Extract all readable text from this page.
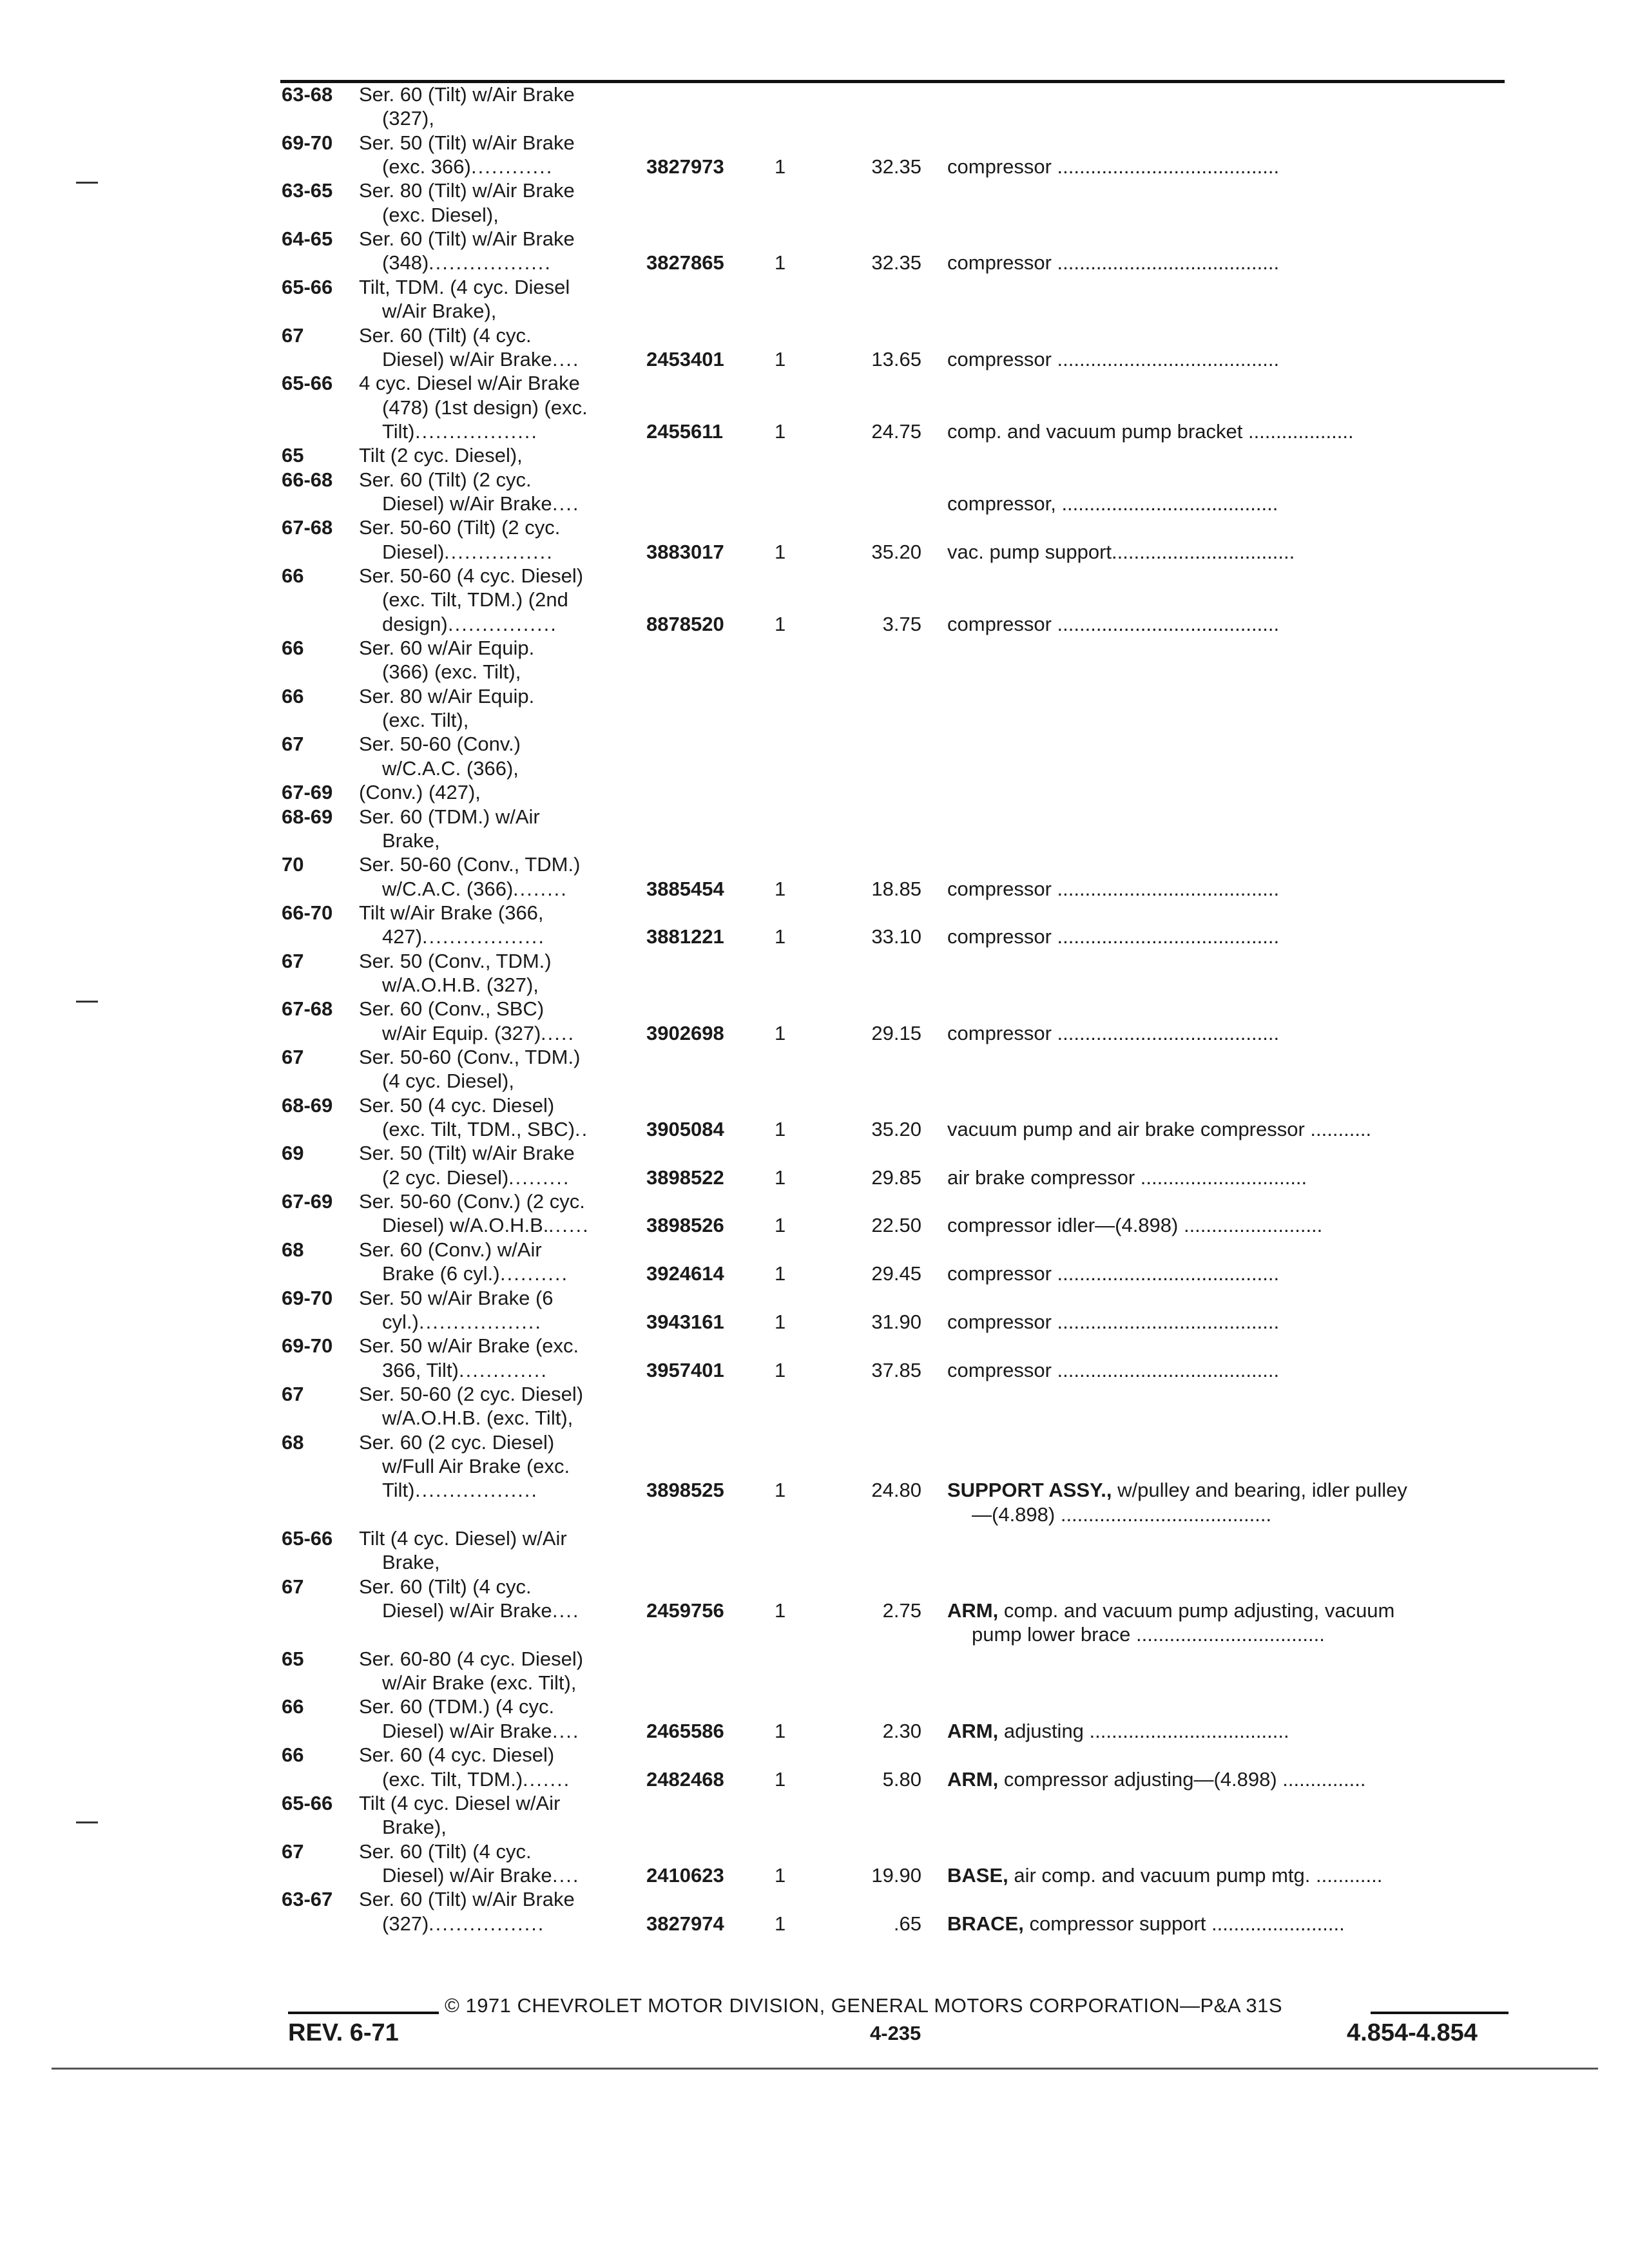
63-68 Ser. 60 (Tilt) w/Air Brake
(327),
69-70 Ser. 50 (Tilt) w/Air Brake
(exc. 366) ............	3827973	1	32.35 compressor ........................................
63-65 Ser. 80 (Tilt) w/Air Brake
(exc. Diesel),
64-65 Ser. 60 (Tilt) w/Air Brake
(348) ..................	3827865	1	32.35 compressor ........................................
65-66 Tilt, TDM. (4 cyc. Diesel
w/Air Brake),
67	Ser. 60 (Tilt) (4 cyc.
Diesel) w/Air Brake ....	2453401	1	13.65 compressor ........................................
65-66 4 cyc. Diesel w/Air Brake
(478) (1st design) (exc.
Tilt) ..................	2455611	1	24.75 comp. and vacuum pump bracket ...................
65	Tilt (2 cyc. Diesel),
66-68 Ser. 60 (Tilt) (2 cyc.
Diesel) w/Air Brake ....	compressor, .......................................
67-68 Ser. 50-60 (Tilt) (2 cyc.
Diesel) ................	3883017	1	35.20 vac. pump support.................................
66	Ser. 50-60 (4 cyc. Diesel)
(exc. Tilt, TDM.) (2nd
design) ................	8878520	1	3.75 compressor ........................................
66	Ser. 60 w/Air Equip.
(366) (exc. Tilt),
66	Ser. 80 w/Air Equip.
(exc. Tilt),
67	Ser. 50-60 (Conv.)
w/C.A.C. (366),
67-69 (Conv.) (427),
68-69 Ser. 60 (TDM.) w/Air
Brake,
70	Ser. 50-60 (Conv., TDM.)
w/C.A.C. (366) ........	3885454	1	18.85 compressor ........................................
66-70 Tilt w/Air Brake (366,
427) ..................	3881221	1	33.10 compressor ........................................
67	Ser. 50 (Conv., TDM.)
w/A.O.H.B. (327),
67-68 Ser. 60 (Conv., SBC)
w/Air Equip. (327) .....	3902698	1	29.15 compressor ........................................
67	Ser. 50-60 (Conv., TDM.)
(4 cyc. Diesel),
68-69 Ser. 50 (4 cyc. Diesel)
(exc. Tilt, TDM., SBC) ..	3905084	1	35.20 vacuum pump and air brake compressor ...........
69	Ser. 50 (Tilt) w/Air Brake
(2 cyc. Diesel) .........	3898522	1	29.85 air brake compressor ..............................
67-69 Ser. 50-60 (Conv.) (2 cyc.
Diesel) w/A.O.H.B. ......	3898526	1	22.50 compressor idler—(4.898) .........................
68	Ser. 60 (Conv.) w/Air
Brake (6 cyl.) ..........	3924614	1	29.45 compressor ........................................
69-70 Ser. 50 w/Air Brake (6
cyl.) ..................	3943161	1	31.90 compressor ........................................
69-70 Ser. 50 w/Air Brake (exc.
366, Tilt) .............	3957401	1	37.85 compressor ........................................
67	Ser. 50-60 (2 cyc. Diesel)
w/A.O.H.B. (exc. Tilt),
68	Ser. 60 (2 cyc. Diesel)
w/Full Air Brake (exc.
Tilt) ..................	3898525	1	24.80 SUPPORT ASSY., w/pulley and bearing, idler pulley
—(4.898) ......................................
65-66 Tilt (4 cyc. Diesel) w/Air
Brake,
67	Ser. 60 (Tilt) (4 cyc.
Diesel) w/Air Brake ....	2459756	1	2.75 ARM, comp. and vacuum pump adjusting, vacuum
pump lower brace ..................................
65	Ser. 60-80 (4 cyc. Diesel)
w/Air Brake (exc. Tilt),
66	Ser. 60 (TDM.) (4 cyc.
Diesel) w/Air Brake ....	2465586	1	2.30 ARM, adjusting ....................................
66	Ser. 60 (4 cyc. Diesel)
(exc. Tilt, TDM.) .......	2482468	1	5.80 ARM, compressor adjusting—(4.898) ...............
65-66 Tilt (4 cyc. Diesel w/Air
Brake),
67	Ser. 60 (Tilt) (4 cyc.
Diesel) w/Air Brake ....	2410623	1	19.90 BASE, air comp. and vacuum pump mtg. ............
63-67 Ser. 60 (Tilt) w/Air Brake
(327) .................	3827974	1	.65 BRACE, compressor support ........................
© 1971 CHEVROLET MOTOR DIVISION, GENERAL MOTORS CORPORATION—P&A 31S
REV. 6-71	4-235	4.854-4.854
